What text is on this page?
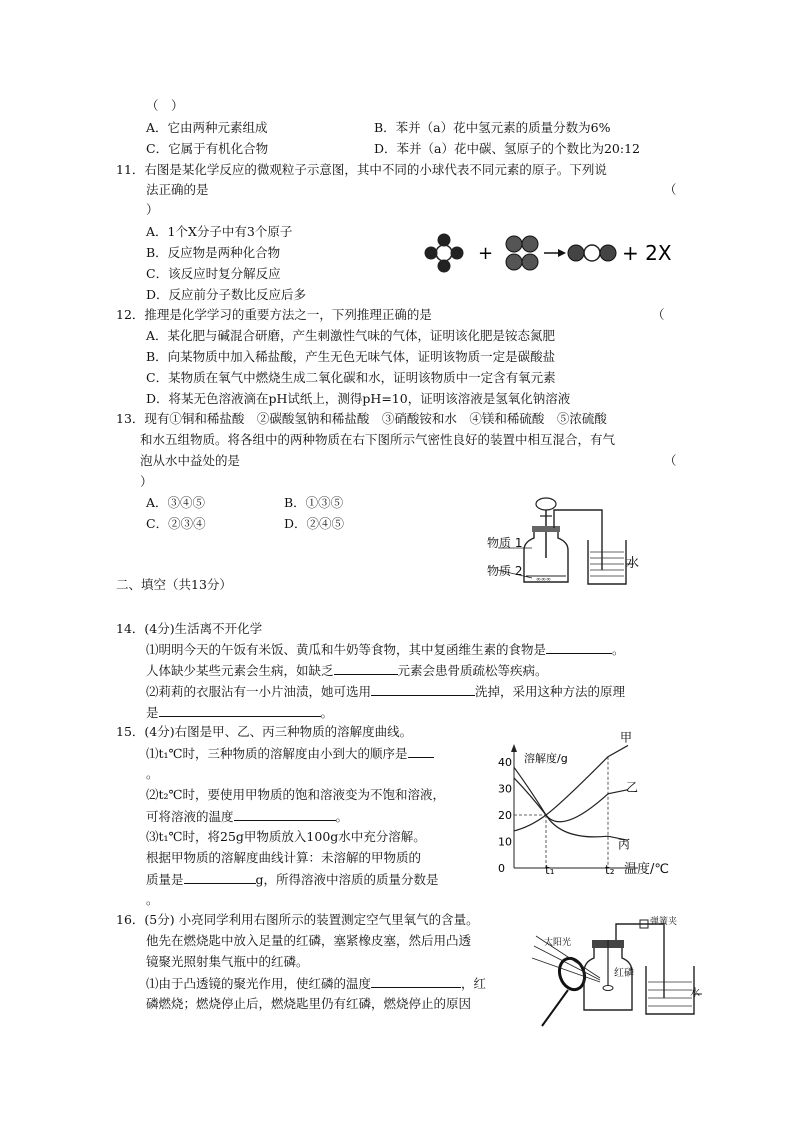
（　）
A．它由两种元素组成	B．苯并（a）花中氢元素的质量分数为6%
C．它属于有机化合物	D．苯并（a）花中碳、氢原子的个数比为20:12
11．右图是某化学反应的微观粒子示意图，其中不同的小球代表不同元素的原子。下列说
法正确的是	（
）
A．1个X分子中有3个原子
B．反应物是两种化合物
C．该反应时复分解反应
D．反应前分子数比反应后多
+	+ 2X
12．推理是化学学习的重要方法之一，下列推理正确的是	（
A．某化肥与碱混合研磨，产生刺激性气味的气体，证明该化肥是铵态氮肥
B．向某物质中加入稀盐酸，产生无色无味气体，证明该物质一定是碳酸盐
C．某物质在氧气中燃烧生成二氧化碳和水，证明该物质中一定含有氧元素
D．将某无色溶液滴在pH试纸上，测得pH=10，证明该溶液是氢氧化钠溶液
13．现有①铜和稀盐酸　②碳酸氢钠和稀盐酸　③硝酸铵和水　④镁和稀硫酸　⑤浓硫酸
和水五组物质。将各组中的两种物质在右下图所示气密性良好的装置中相互混合，有气
泡从水中益处的是	（
）
A．③④⑤	B．①③⑤
C．②③④	D．②④⑤
∞∞∞
物质 1
物质 2	水
二、填空（共13分）
14．(4分)生活离不开化学
⑴明明今天的午饭有米饭、黄瓜和牛奶等食物，其中复函维生素的食物是	。
人体缺少某些元素会生病，如缺乏	元素会患骨质疏松等疾病。
⑵莉莉的衣服沾有一小片油渍，她可选用	洗掉，采用这种方法的原理
是	。
15．(4分)右图是甲、乙、丙三种物质的溶解度曲线。
⑴t₁℃时，三种物质的溶解度由小到大的顺序是
。
⑵t₂℃时，要使用甲物质的饱和溶液变为不饱和溶液，
可将溶液的温度	。
⑶t₁℃时，将25g甲物质放入100g水中充分溶解。
根据甲物质的溶解度曲线计算：未溶解的甲物质的
质量是	g，所得溶液中溶质的质量分数是
。
溶解度/g
40
30
20
10
0
甲
乙
丙
t₁	t₂ 温度/℃
16．(5分) 小亮同学利用右图所示的装置测定空气里氧气的含量。
他先在燃烧匙中放入足量的红磷，塞紧橡皮塞，然后用凸透
镜聚光照射集气瓶中的红磷。
⑴由于凸透镜的聚光作用，使红磷的温度	，红
磷燃烧；燃烧停止后，燃烧匙里仍有红磷，燃烧停止的原因
弹簧夹
太阳光
红磷
水
